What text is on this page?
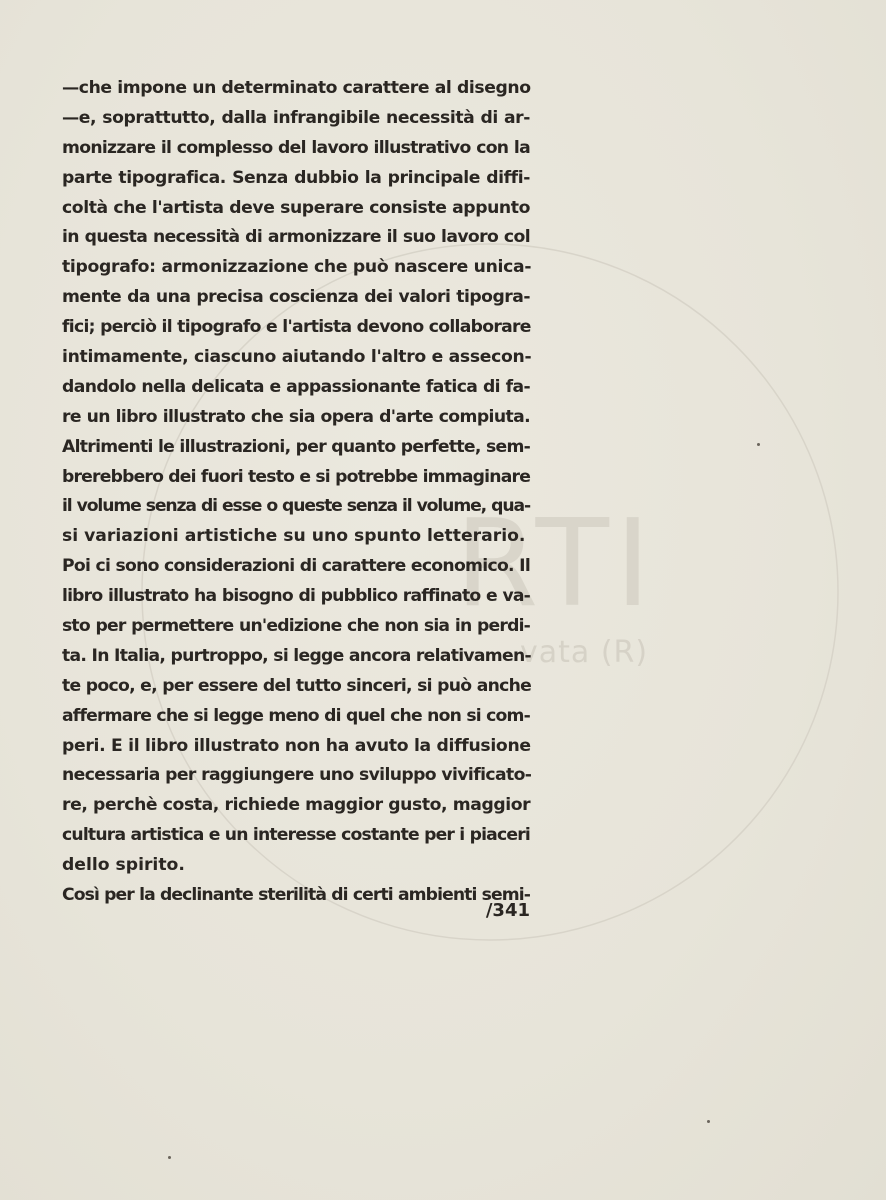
RTI
vata (R)
—che impone un determinato carattere al disegno
—e, soprattutto, dalla infrangibile necessità di ar-
monizzare il complesso del lavoro illustrativo con la
parte tipografica. Senza dubbio la principale diffi-
coltà che l'artista deve superare consiste appunto
in questa necessità di armonizzare il suo lavoro col
tipografo: armonizzazione che può nascere unica-
mente da una precisa coscienza dei valori tipogra-
fici; perciò il tipografo e l'artista devono collaborare
intimamente, ciascuno aiutando l'altro e assecon-
dandolo nella delicata e appassionante fatica di fa-
re un libro illustrato che sia opera d'arte compiuta.
Altrimenti le illustrazioni, per quanto perfette, sem-
brerebbero dei fuori testo e si potrebbe immaginare
il volume senza di esse o queste senza il volume, qua-
si variazioni artistiche su uno spunto letterario.
Poi ci sono considerazioni di carattere economico. Il
libro illustrato ha bisogno di pubblico raffinato e va-
sto per permettere un'edizione che non sia in perdi-
ta. In Italia, purtroppo, si legge ancora relativamen-
te poco, e, per essere del tutto sinceri, si può anche
affermare che si legge meno di quel che non si com-
peri. E il libro illustrato non ha avuto la diffusione
necessaria per raggiungere uno sviluppo vivificato-
re, perchè costa, richiede maggior gusto, maggior
cultura artistica e un interesse costante per i piaceri
dello spirito.
Così per la declinante sterilità di certi ambienti semi-
/341
